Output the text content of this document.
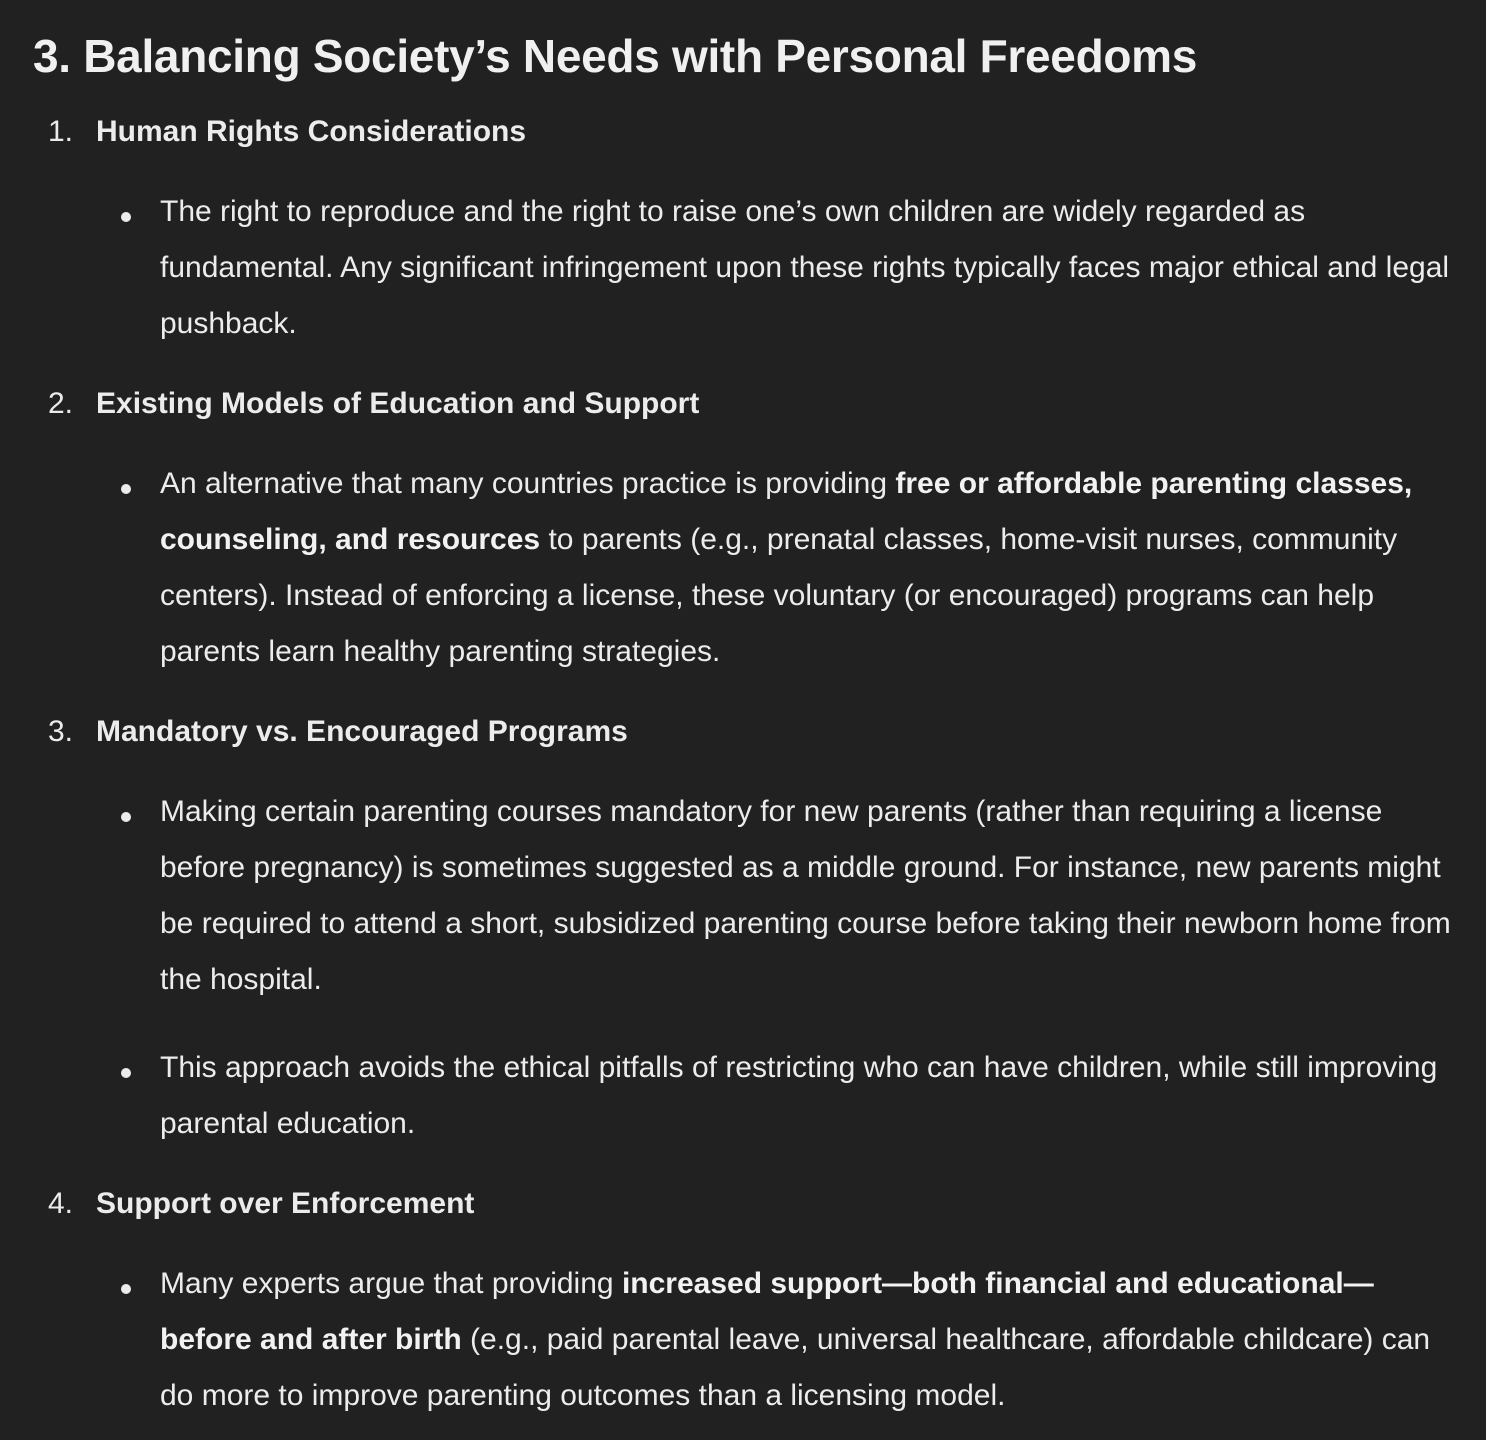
3. Balancing Society’s Needs with Personal Freedoms
1. Human Rights Considerations
The right to reproduce and the right to raise one’s own children are widely regarded as fundamental. Any significant infringement upon these rights typically faces major ethical and legal pushback.
2. Existing Models of Education and Support
An alternative that many countries practice is providing free or affordable parenting classes, counseling, and resources to parents (e.g., prenatal classes, home-visit nurses, community centers). Instead of enforcing a license, these voluntary (or encouraged) programs can help parents learn healthy parenting strategies.
3. Mandatory vs. Encouraged Programs
Making certain parenting courses mandatory for new parents (rather than requiring a license before pregnancy) is sometimes suggested as a middle ground. For instance, new parents might be required to attend a short, subsidized parenting course before taking their newborn home from the hospital.
This approach avoids the ethical pitfalls of restricting who can have children, while still improving parental education.
4. Support over Enforcement
Many experts argue that providing increased support—both financial and educational—before and after birth (e.g., paid parental leave, universal healthcare, affordable childcare) can do more to improve parenting outcomes than a licensing model.
